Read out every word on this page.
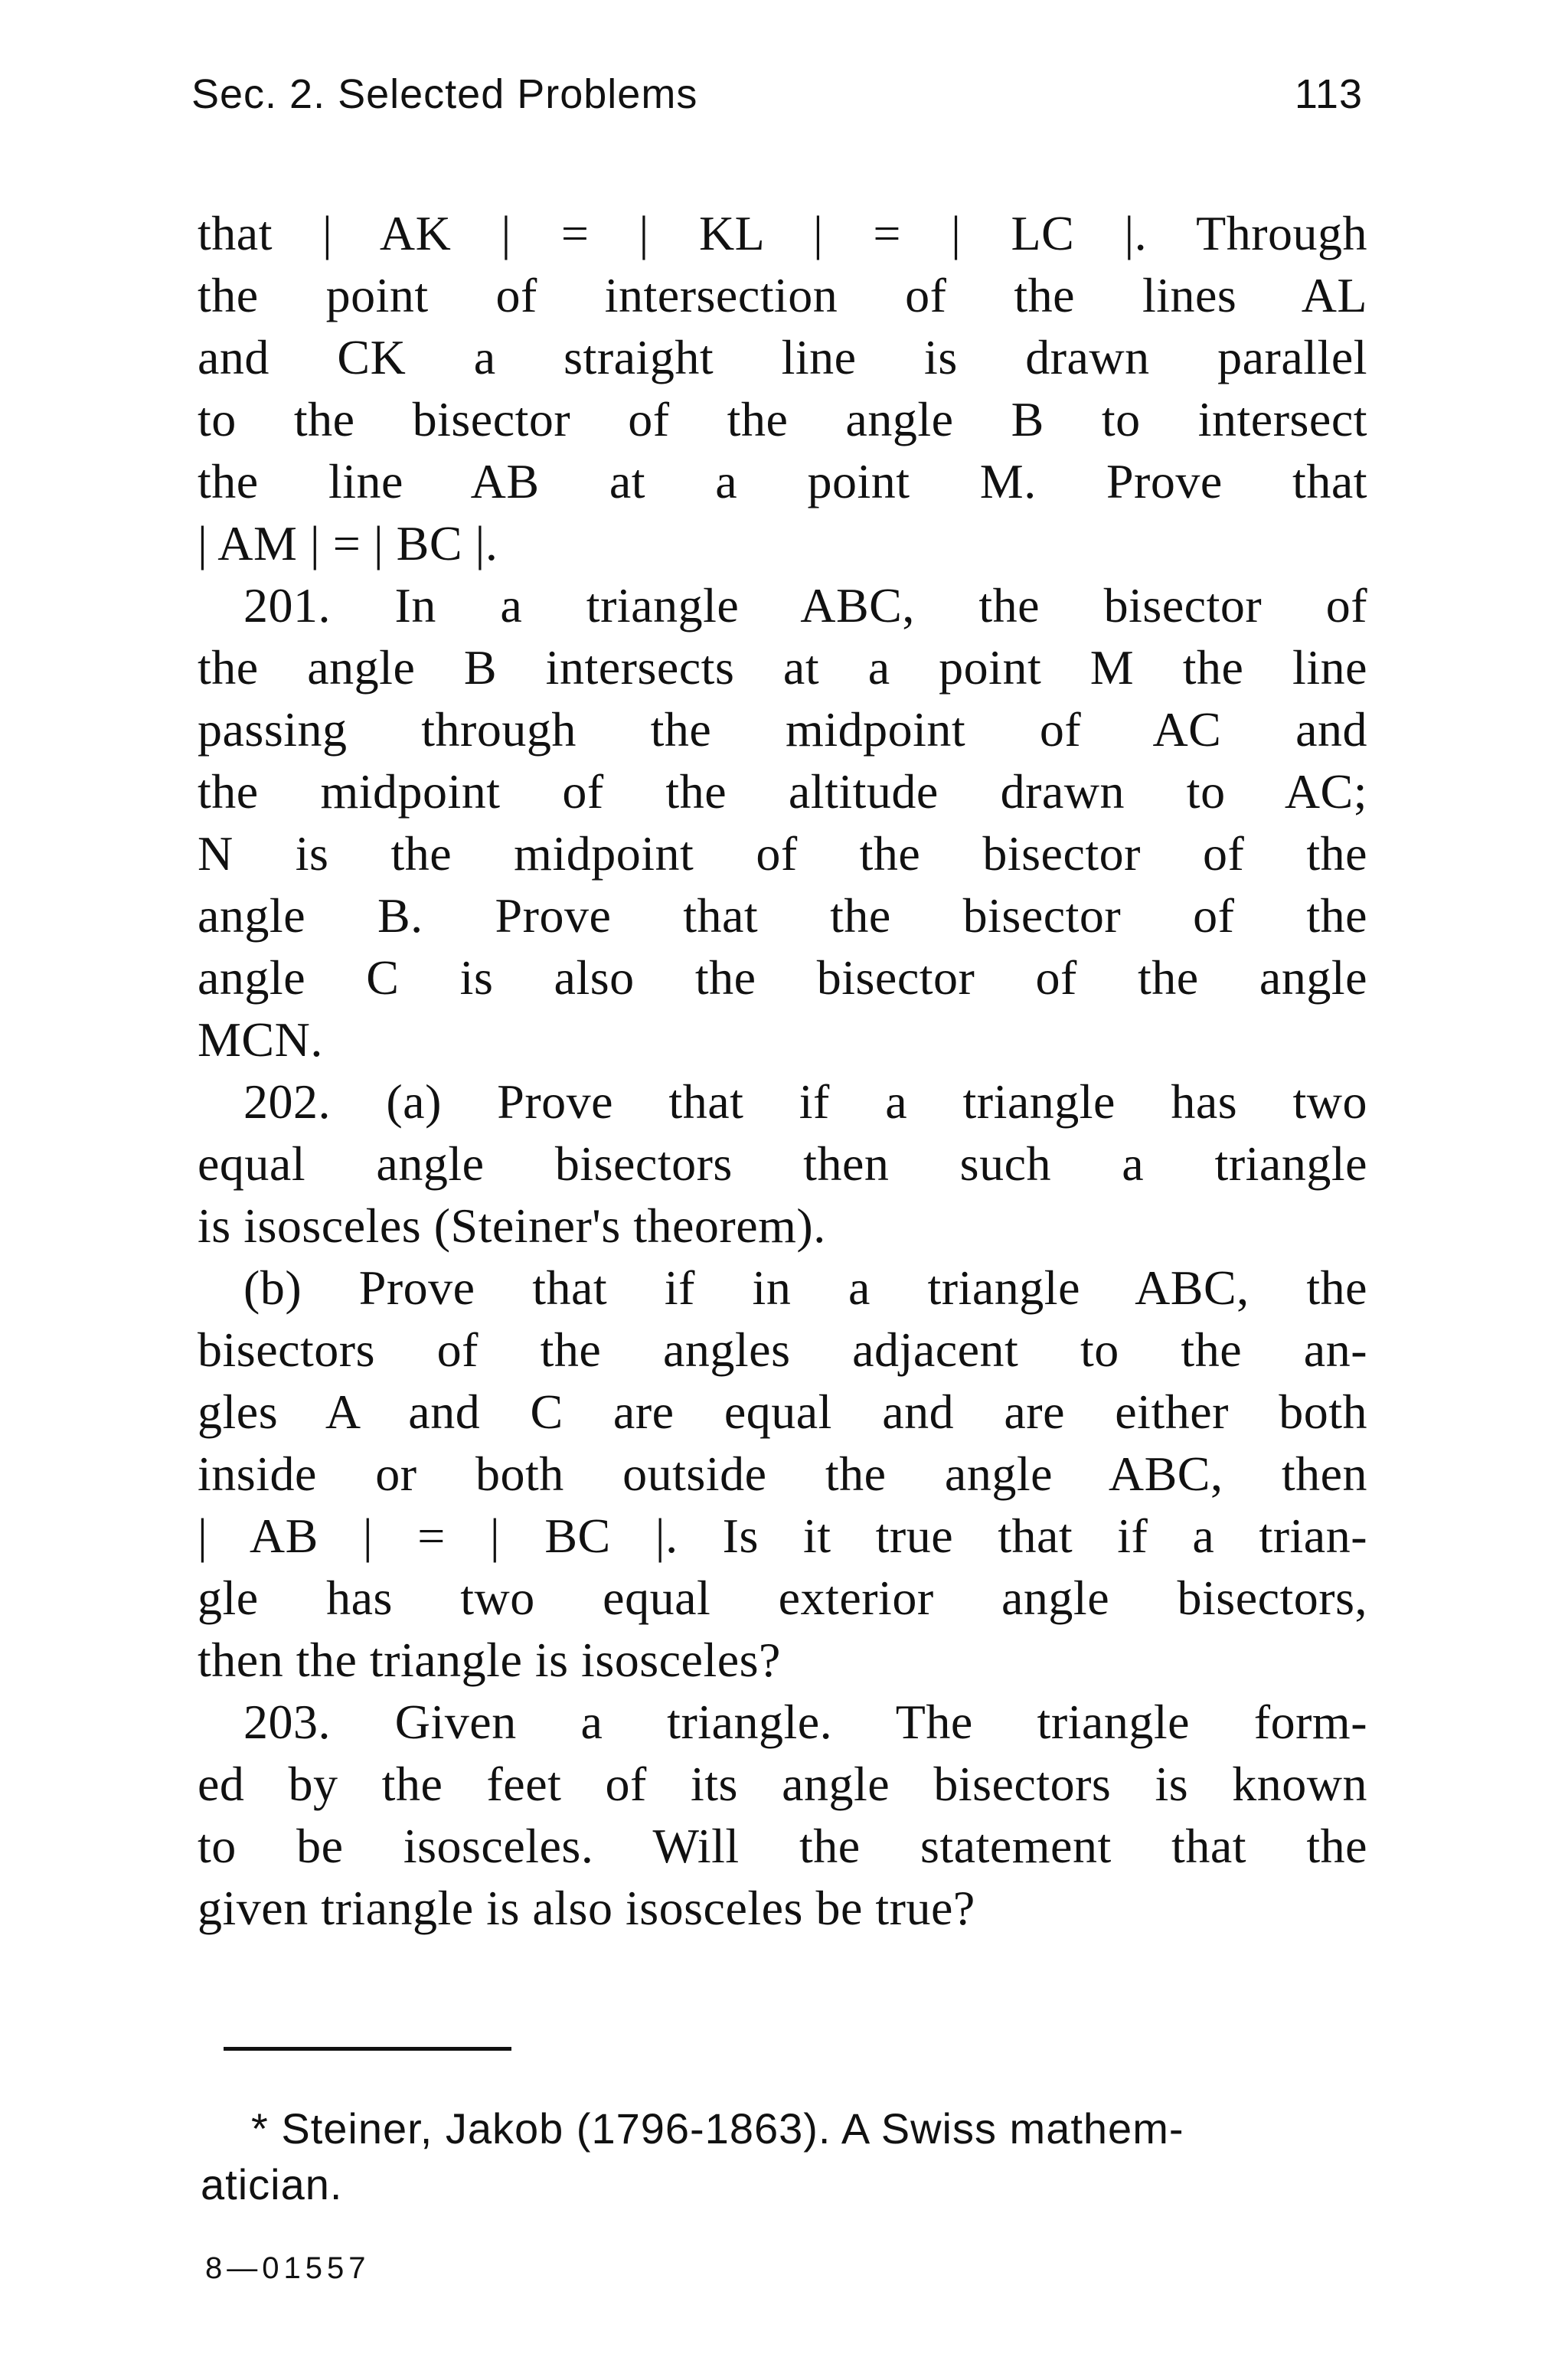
Sec. 2. Selected Problems	113
that | AK | = | KL | = | LC |. Through
the point of intersection of the lines AL
and CK a straight line is drawn parallel
to the bisector of the angle B to intersect
the line AB at a point M. Prove that
| AM | = | BC |.
201. In a triangle ABC, the bisector of
the angle B intersects at a point M the line
passing through the midpoint of AC and
the midpoint of the altitude drawn to AC;
N is the midpoint of the bisector of the
angle B. Prove that the bisector of the
angle C is also the bisector of the angle
MCN.
202. (a) Prove that if a triangle has two
equal angle bisectors then such a triangle
is isosceles (Steiner's theorem).
(b) Prove that if in a triangle ABC, the
bisectors of the angles adjacent to the an-
gles A and C are equal and are either both
inside or both outside the angle ABC, then
| AB | = | BC |. Is it true that if a trian-
gle has two equal exterior angle bisectors,
then the triangle is isosceles?
203. Given a triangle. The triangle form-
ed by the feet of its angle bisectors is known
to be isosceles. Will the statement that the
given triangle is also isosceles be true?
* Steiner, Jakob (1796-1863). A Swiss mathem-
atician.
8—01557
